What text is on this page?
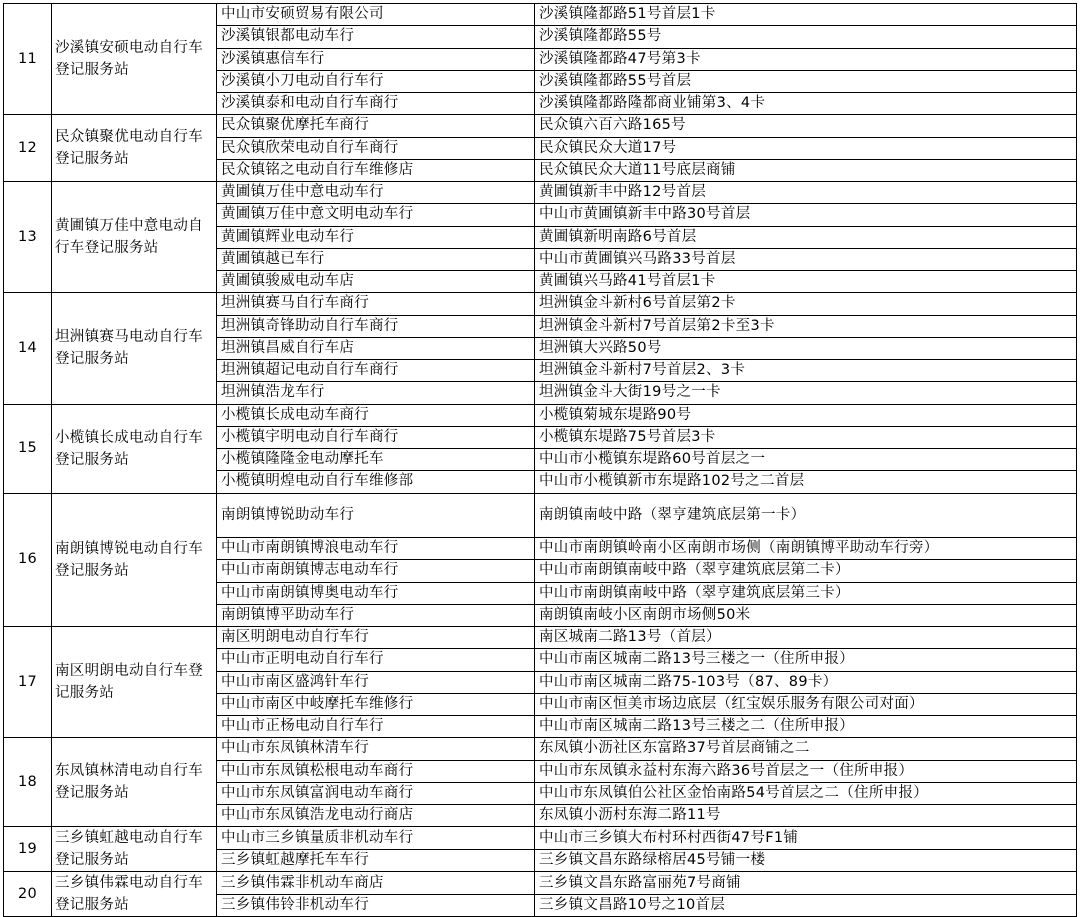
11	沙溪镇安硕电动自行车登记服务站	中山市安硕贸易有限公司	沙溪镇隆都路51号首层1卡
		沙溪镇银都电动车行	沙溪镇隆都路55号
		沙溪镇惠信车行	沙溪镇隆都路47号第3卡
		沙溪镇小刀电动自行车行	沙溪镇隆都路55号首层
		沙溪镇泰和电动自行车商行	沙溪镇隆都路隆都商业铺第3、4卡
12	民众镇聚优电动自行车登记服务站	民众镇聚优摩托车商行	民众镇六百六路165号
		民众镇欣荣电动自行车商行	民众镇民众大道17号
		民众镇铭之电动自行车维修店	民众镇民众大道11号底层商铺
13	黄圃镇万佳中意电动自行车登记服务站	黄圃镇万佳中意电动车行	黄圃镇新丰中路12号首层
		黄圃镇万佳中意文明电动车行	中山市黄圃镇新丰中路30号首层
		黄圃镇辉业电动车行	黄圃镇新明南路6号首层
		黄圃镇越已车行	中山市黄圃镇兴马路33号首层
		黄圃镇骏威电动车店	黄圃镇兴马路41号首层1卡
14	坦洲镇赛马电动自行车登记服务站	坦洲镇赛马自行车商行	坦洲镇金斗新村6号首层第2卡
		坦洲镇奇锋助动自行车商行	坦洲镇金斗新村7号首层第2卡至3卡
		坦洲镇昌威自行车店	坦洲镇大兴路50号
		坦洲镇超记电动自行车商行	坦洲镇金斗新村7号首层2、3卡
		坦洲镇浩龙车行	坦洲镇金斗大街19号之一卡
15	小榄镇长成电动自行车登记服务站	小榄镇长成电动车商行	小榄镇菊城东堤路90号
		小榄镇宇明电动自行车商行	小榄镇东堤路75号首层3卡
		小榄镇隆隆金电动摩托车	中山市小榄镇东堤路60号首层之一
		小榄镇明煌电动自行车维修部	中山市小榄镇新市东堤路102号之二首层
16	南朗镇博锐电动自行车登记服务站	南朗镇博锐助动车行	南朗镇南岐中路（翠亨建筑底层第一卡）
		中山市南朗镇博浪电动车行	中山市南朗镇岭南小区南朗市场侧（南朗镇博平助动车行旁）
		中山市南朗镇博志电动车行	中山市南朗镇南岐中路（翠亨建筑底层第二卡）
		中山市南朗镇博奥电动车行	中山市南朗镇南岐中路（翠亨建筑底层第三卡）
		南朗镇博平助动车行	南朗镇南岐小区南朗市场侧50米
17	南区明朗电动自行车登记服务站	南区明朗电动自行车行	南区城南二路13号（首层）
		中山市正明电动自行车行	中山市南区城南二路13号三楼之一（住所申报）
		中山市南区盛鸿针车行	中山市南区城南二路75-103号（87、89卡）
		中山市南区中岐摩托车维修行	中山市南区恒美市场边底层（红宝娱乐服务有限公司对面）
		中山市正杨电动自行车行	中山市南区城南二路13号三楼之二（住所申报）
18	东凤镇林清电动自行车登记服务站	中山市东凤镇林清车行	东凤镇小沥社区东富路37号首层商铺之二
		中山市东凤镇松根电动车商行	中山市东凤镇永益村东海六路36号首层之一（住所申报）
		中山市东凤镇富润电动车商行	中山市东凤镇伯公社区金怡南路54号首层之二（住所申报）
		中山市东凤镇浩龙电动行商店	东凤镇小沥村东海二路11号
19	三乡镇虹越电动自行车登记服务站	中山市三乡镇量质非机动车行	中山市三乡镇大布村环村西街47号F1铺
		三乡镇虹越摩托车车行	三乡镇文昌东路绿榕居45号铺一楼
20	三乡镇伟霖电动自行车登记服务站	三乡镇伟霖非机动车商店	三乡镇文昌东路富丽苑7号商铺
		三乡镇伟铃非机动车行	三乡镇文昌路10号之10首层
